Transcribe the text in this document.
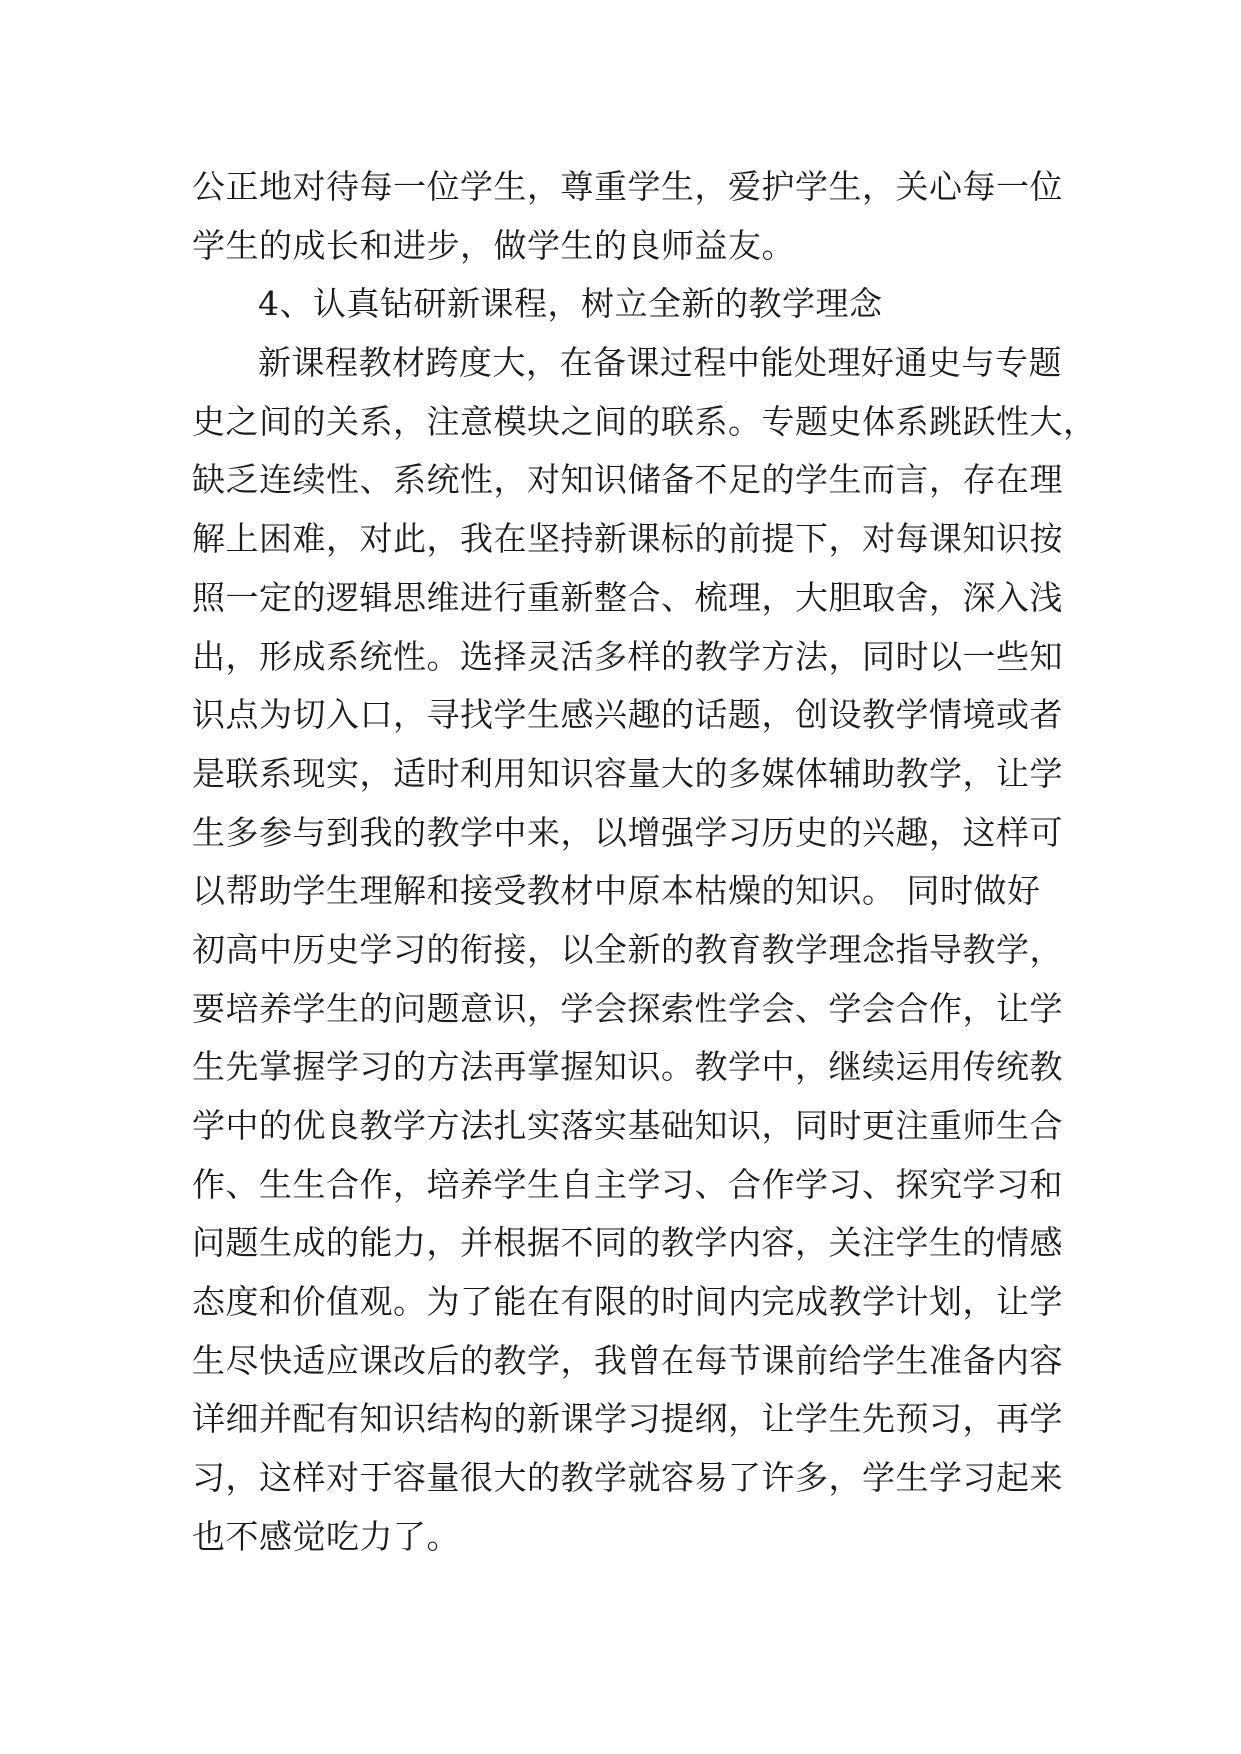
公正地对待每一位学生，尊重学生，爱护学生，关心每一位
学生的成长和进步，做学生的良师益友。
4、认真钻研新课程，树立全新的教学理念
新课程教材跨度大，在备课过程中能处理好通史与专题
史之间的关系，注意模块之间的联系。专题史体系跳跃性大，
缺乏连续性、系统性，对知识储备不足的学生而言，存在理
解上困难，对此，我在坚持新课标的前提下，对每课知识按
照一定的逻辑思维进行重新整合、梳理，大胆取舍，深入浅
出，形成系统性。选择灵活多样的教学方法，同时以一些知
识点为切入口，寻找学生感兴趣的话题，创设教学情境或者
是联系现实，适时利用知识容量大的多媒体辅助教学，让学
生多参与到我的教学中来，以增强学习历史的兴趣，这样可
以帮助学生理解和接受教材中原本枯燥的知识。 同时做好
初高中历史学习的衔接，以全新的教育教学理念指导教学，
要培养学生的问题意识，学会探索性学会、学会合作，让学
生先掌握学习的方法再掌握知识。教学中，继续运用传统教
学中的优良教学方法扎实落实基础知识，同时更注重师生合
作、生生合作，培养学生自主学习、合作学习、探究学习和
问题生成的能力，并根据不同的教学内容，关注学生的情感
态度和价值观。为了能在有限的时间内完成教学计划，让学
生尽快适应课改后的教学，我曾在每节课前给学生准备内容
详细并配有知识结构的新课学习提纲，让学生先预习，再学
习，这样对于容量很大的教学就容易了许多，学生学习起来
也不感觉吃力了。
